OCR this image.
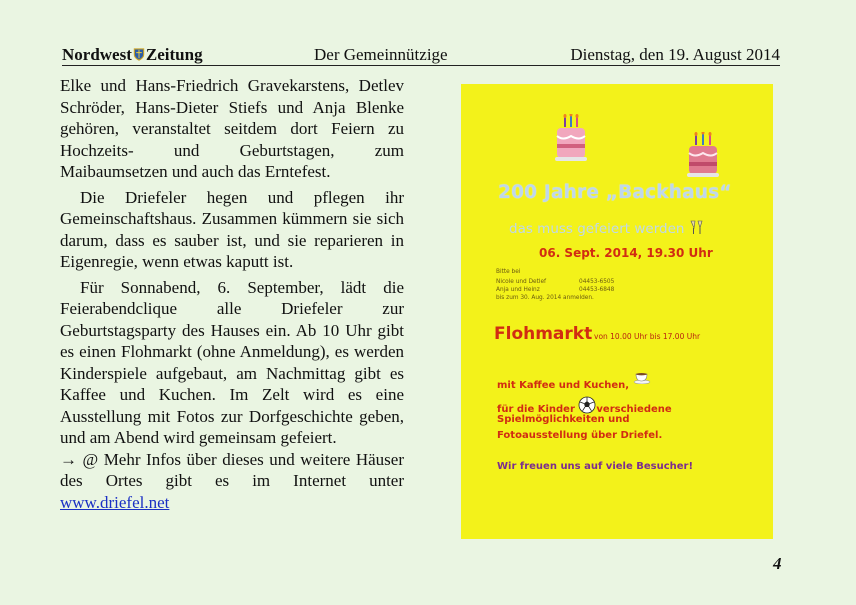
Nordwest Zeitung	Der Gemeinnützige	Dienstag, den 19. August 2014

Elke und Hans-Friedrich Gravekarstens, Detlev Schröder, Hans-Dieter Stiefs und Anja Blenke gehören, veranstaltet seitdem dort Feiern zu Hochzeits- und Geburtstagen, zum Maibaumsetzen und auch das Erntefest.

Die Driefeler hegen und pflegen ihr Gemeinschaftshaus. Zusammen kümmern sie sich darum, dass es sauber ist, und sie reparieren in Eigenregie, wenn etwas kaputt ist.

Für Sonnabend, 6. September, lädt die Feierabendclique alle Driefeler zur Geburtstagsparty des Hauses ein. Ab 10 Uhr gibt es einen Flohmarkt (ohne Anmeldung), es werden Kinderspiele aufgebaut, am Nachmittag gibt es Kaffee und Kuchen. Im Zelt wird es eine Ausstellung mit Fotos zur Dorfgeschichte geben, und am Abend wird gemeinsam gefeiert.

→ @ Mehr Infos über dieses und weitere Häuser des Ortes gibt es im Internet unter www.driefel.net

200 Jahre „Backhaus“
das muss gefeiert werden
06. Sept. 2014, 19.30 Uhr
Bitte bei
Nicole und Detlef	04453-6505
Anja und Heinz	04453-6848
bis zum 30. Aug. 2014 anmelden.
Flohmarkt von 10.00 Uhr bis 17.00 Uhr
mit Kaffee und Kuchen,
für die Kinder verschiedene
Spielmöglichkeiten und
Fotoausstellung über Driefel.
Wir freuen uns auf viele Besucher!
4
